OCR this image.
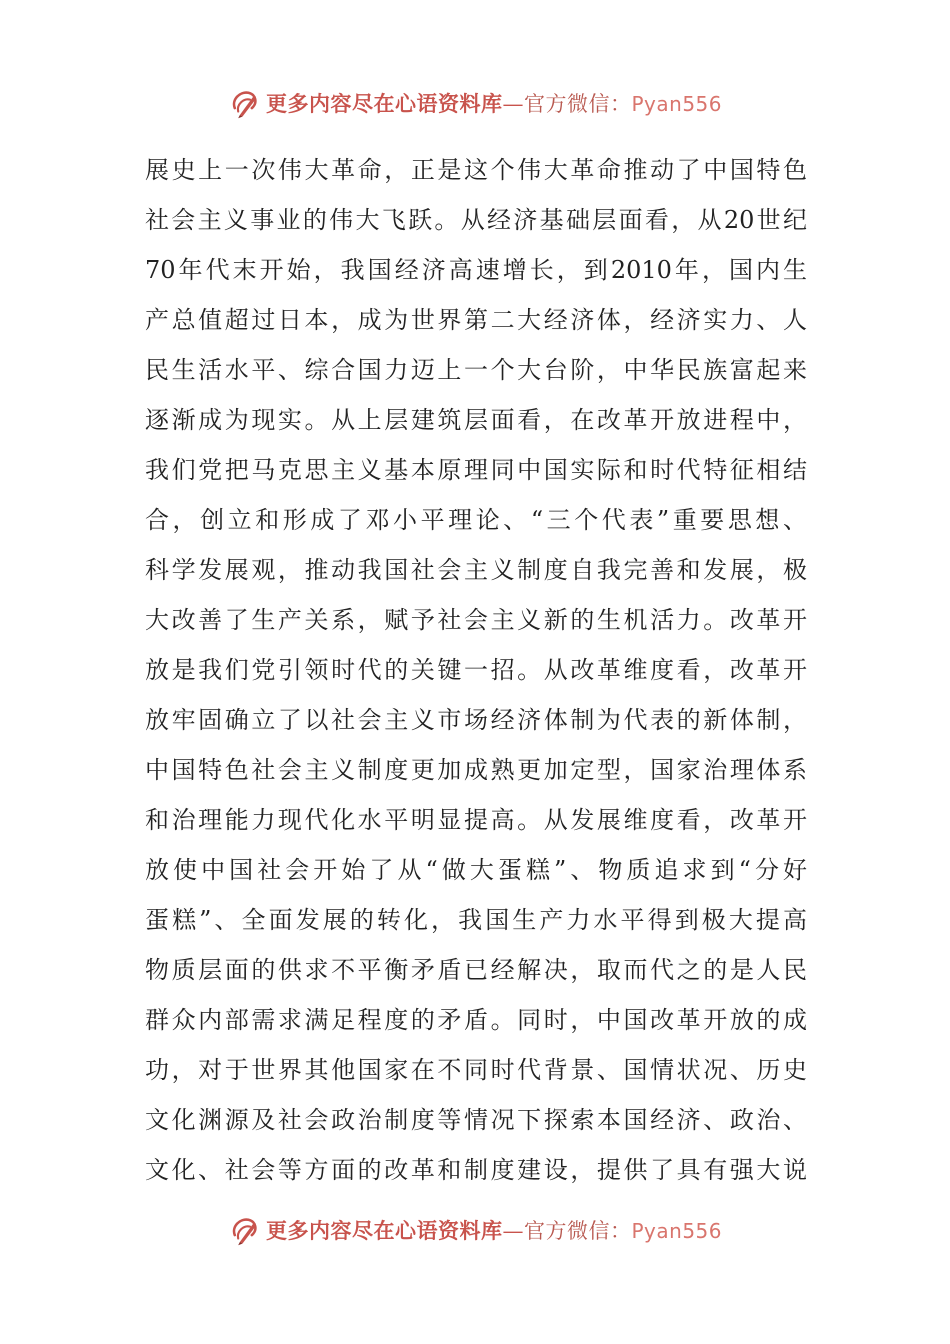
更多内容尽在心语资料库—官方微信：Pyan556
展史上一次伟大革命，正是这个伟大革命推动了中国特色
社会主义事业的伟大飞跃。从经济基础层面看，从20世纪
70年代末开始，我国经济高速增长，到2010年，国内生
产总值超过日本，成为世界第二大经济体，经济实力、人
民生活水平、综合国力迈上一个大台阶，中华民族富起来
逐渐成为现实。从上层建筑层面看，在改革开放进程中，
我们党把马克思主义基本原理同中国实际和时代特征相结
合，创立和形成了邓小平理论、“三个代表”重要思想、
科学发展观，推动我国社会主义制度自我完善和发展，极
大改善了生产关系，赋予社会主义新的生机活力。改革开
放是我们党引领时代的关键一招。从改革维度看，改革开
放牢固确立了以社会主义市场经济体制为代表的新体制，
中国特色社会主义制度更加成熟更加定型，国家治理体系
和治理能力现代化水平明显提高。从发展维度看，改革开
放使中国社会开始了从“做大蛋糕”、物质追求到“分好
蛋糕”、全面发展的转化，我国生产力水平得到极大提高
物质层面的供求不平衡矛盾已经解决，取而代之的是人民
群众内部需求满足程度的矛盾。同时，中国改革开放的成
功，对于世界其他国家在不同时代背景、国情状况、历史
文化渊源及社会政治制度等情况下探索本国经济、政治、
文化、社会等方面的改革和制度建设，提供了具有强大说
更多内容尽在心语资料库—官方微信：Pyan556
